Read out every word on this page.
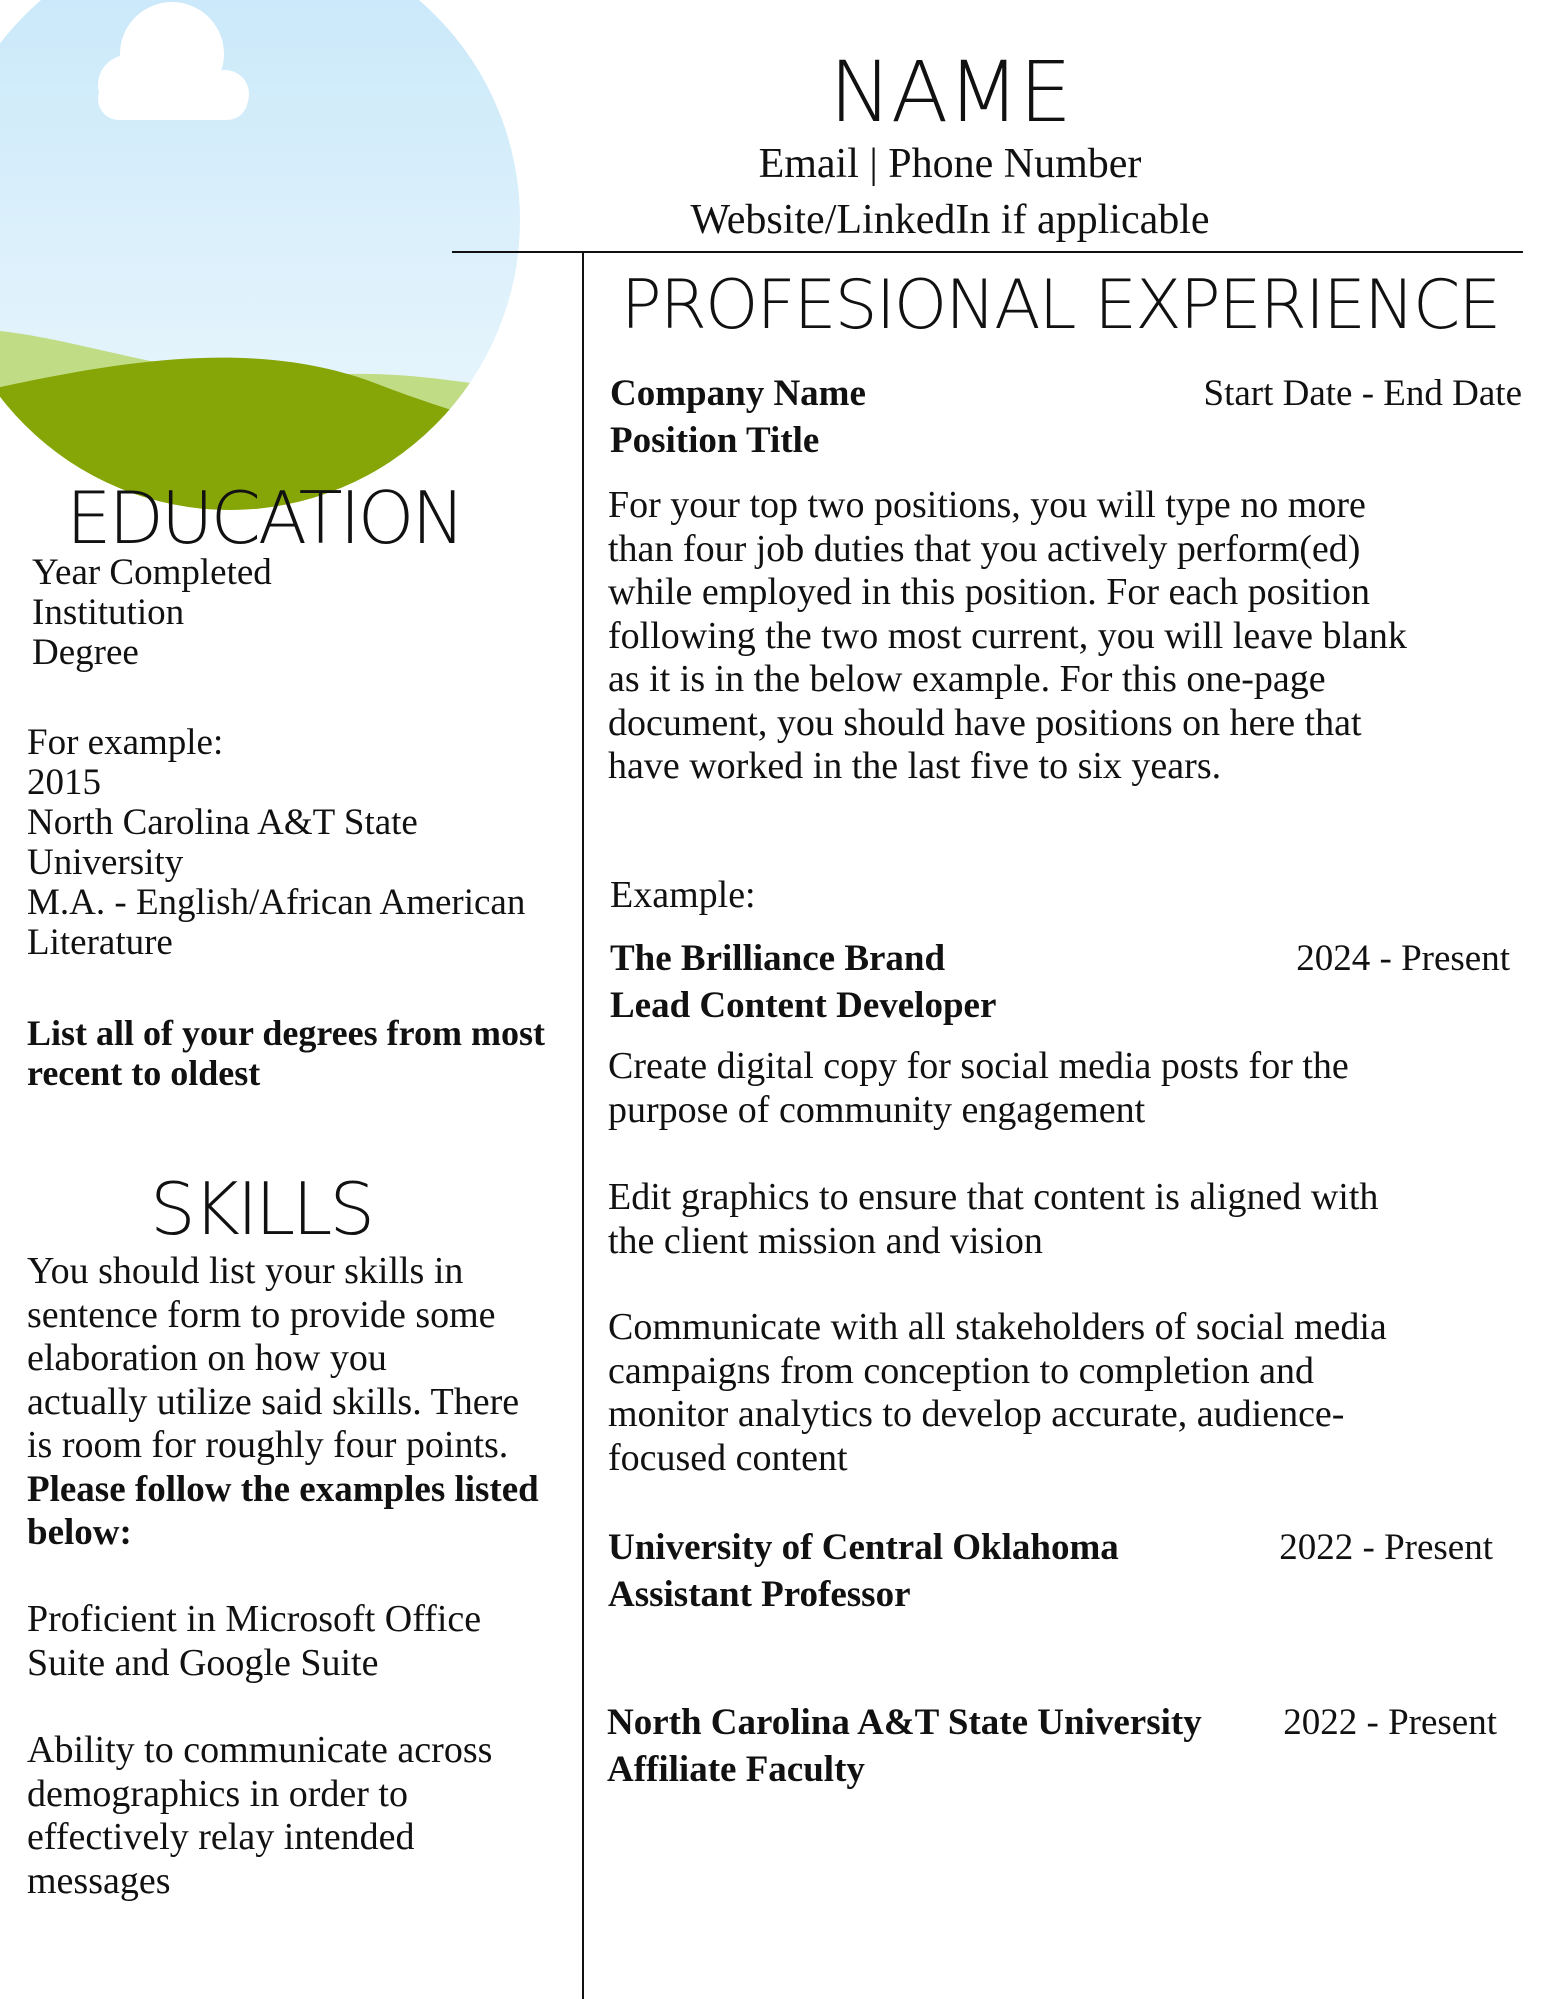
NAME
Email | Phone Number
Website/LinkedIn if applicable
PROFESIONAL EXPERIENCE
Company Name	Start Date - End Date
Position Title
For your top two positions, you will type no more
than four job duties that you actively perform(ed)
while employed in this position. For each position
following the two most current, you will leave blank
as it is in the below example. For this one-page
document, you should have positions on here that
have worked in the last five to six years.
Example:
The Brilliance Brand	2024 - Present
Lead Content Developer
Create digital copy for social media posts for the
purpose of community engagement
Edit graphics to ensure that content is aligned with
the client mission and vision
Communicate with all stakeholders of social media
campaigns from conception to completion and
monitor analytics to develop accurate, audience-
focused content
University of Central Oklahoma	2022 - Present
Assistant Professor
North Carolina A&T State University 2022 - Present
Affiliate Faculty
EDUCATION
Year Completed
Institution
Degree
For example:
2015
North Carolina A&T State
University
M.A. - English/African American
Literature
List all of your degrees from most
recent to oldest
SKILLS
You should list your skills in
sentence form to provide some
elaboration on how you
actually utilize said skills. There
is room for roughly four points.
Please follow the examples listed
below:
Proficient in Microsoft Office
Suite and Google Suite
Ability to communicate across
demographics in order to
effectively relay intended
messages
